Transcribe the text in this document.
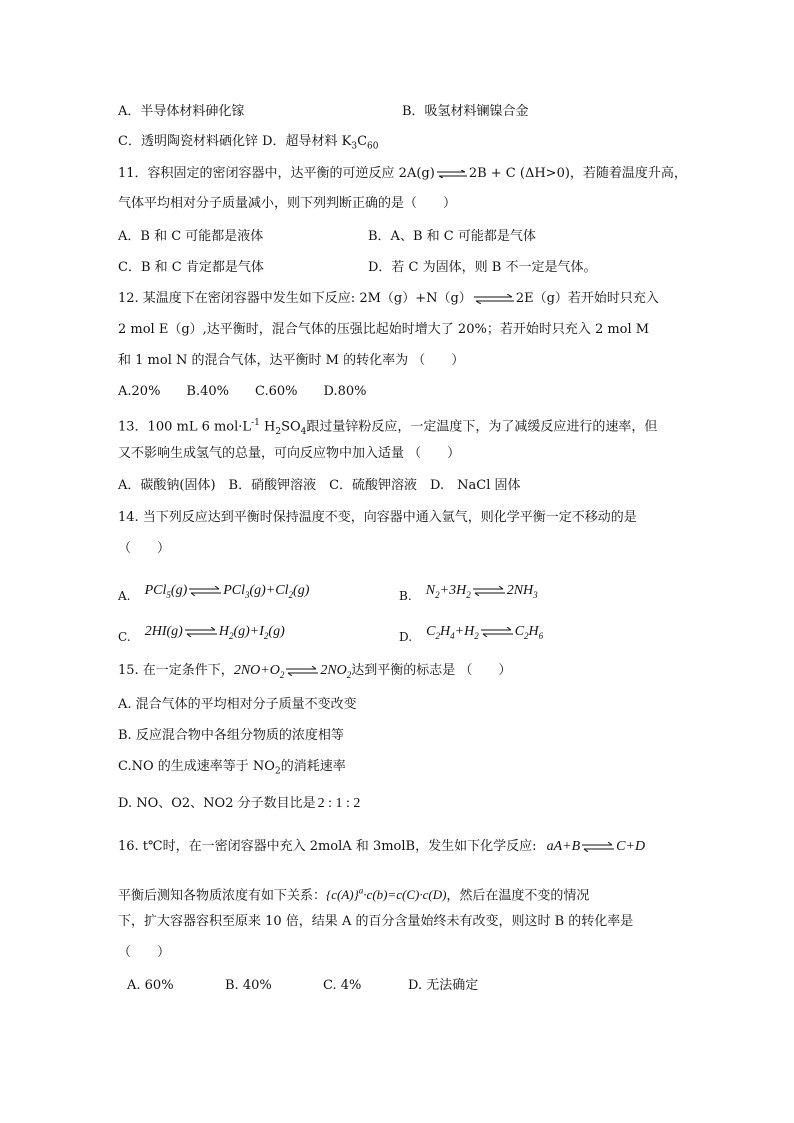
A．半导体材料砷化镓	B．吸氢材料镧镍合金
C．透明陶瓷材料硒化锌 D．超导材料 $K_3C_{60}$
11．容积固定的密闭容器中，达平衡的可逆反应 2A(g) ⇌ 2B + C (ΔH>0)，若随着温度升高，
气体平均相对分子质量减小，则下列判断正确的是（　　）
A．B 和 C 可能都是液体	B．A、B 和 C 可能都是气体
C．B 和 C 肯定都是气体	D．若 C 为固体，则 B 不一定是气体。
12. 某温度下在密闭容器中发生如下反应: 2M（g）+N（g）	2E（g）若开始时只充入
2 mol E（g）,达平衡时，混合气体的压强比起始时增大了 20%；若开始时只充入 2 mol M
和 1 mol N 的混合气体，达平衡时 M 的转化率为 （　　）
A.20%　　B.40%　　C.60%　　D.80%
13．100 mL 6 $mol\cdot L^{-1}$ $H_2SO_4$跟过量锌粉反应，一定温度下，为了减缓反应进行的速率，但
又不影响生成氢气的总量，可向反应物中加入适量 （　　）
A．碳酸钠(固体)　B．硝酸钾溶液　C．硫酸钾溶液　D.　NaCl 固体
14. 当下列反应达到平衡时保持温度不变，向容器中通入氩气，则化学平衡一定不移动的是
（　　）
A. PCl$_5$(g) ⇌ $PCl_3(g)+Cl_2(g)$	B. $N_2+3H_2$ ⇌ $2NH_3$
C. 2HI(g) ⇌ $H_2(g)+I_2(g)$	D. $C_2H_4+H_2$ ⇌ $C_2H_6$
15. 在一定条件下，$2NO+O_2$ ⇌ $2NO_2$达到平衡的标志是 （　　）
A. 混合气体的平均相对分子质量不变改变
B. 反应混合物中各组分物质的浓度相等
C.NO 的生成速率等于 $NO_2$的消耗速率
D. NO、O2、NO2 分子数目比是 2 : 1 : 2
16. t℃时，在一密闭容器中充入 2molA 和 3molB，发生如下化学反应: aA+B ⇌ C+D
平衡后测知各物质浓度有如下关系：$\{c(A)\}^a\cdot c(b)=c(C)\cdot c(D)$，然后在温度不变的情况
下，扩大容器容积至原来 10 倍，结果 A 的百分含量始终未有改变，则这时 B 的转化率是
（　　）
A. 60%	B. 40%	C. 4%	D. 无法确定
